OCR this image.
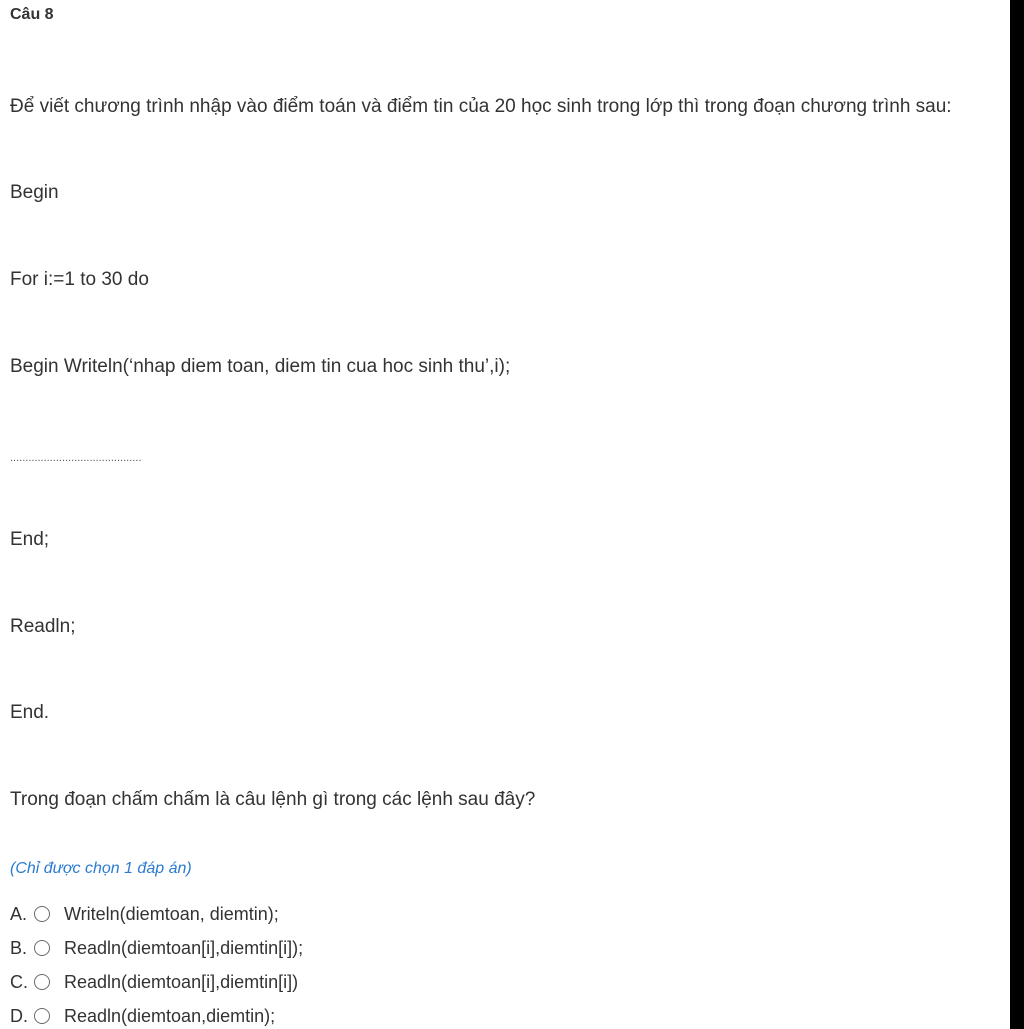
Câu 8
Để viết chương trình nhập vào điểm toán và điểm tin của 20 học sinh trong lớp thì trong đoạn chương trình sau:
Begin
For i:=1 to 30 do
Begin Writeln(‘nhap diem toan, diem tin cua hoc sinh thu’,i);
...........................................
End;
Readln;
End.
Trong đoạn chấm chấm là câu lệnh gì trong các lệnh sau đây?
(Chỉ được chọn 1 đáp án)
A.	Writeln(diemtoan, diemtin);
B.	Readln(diemtoan[i],diemtin[i]);
C.	Readln(diemtoan[i],diemtin[i])
D.	Readln(diemtoan,diemtin);
